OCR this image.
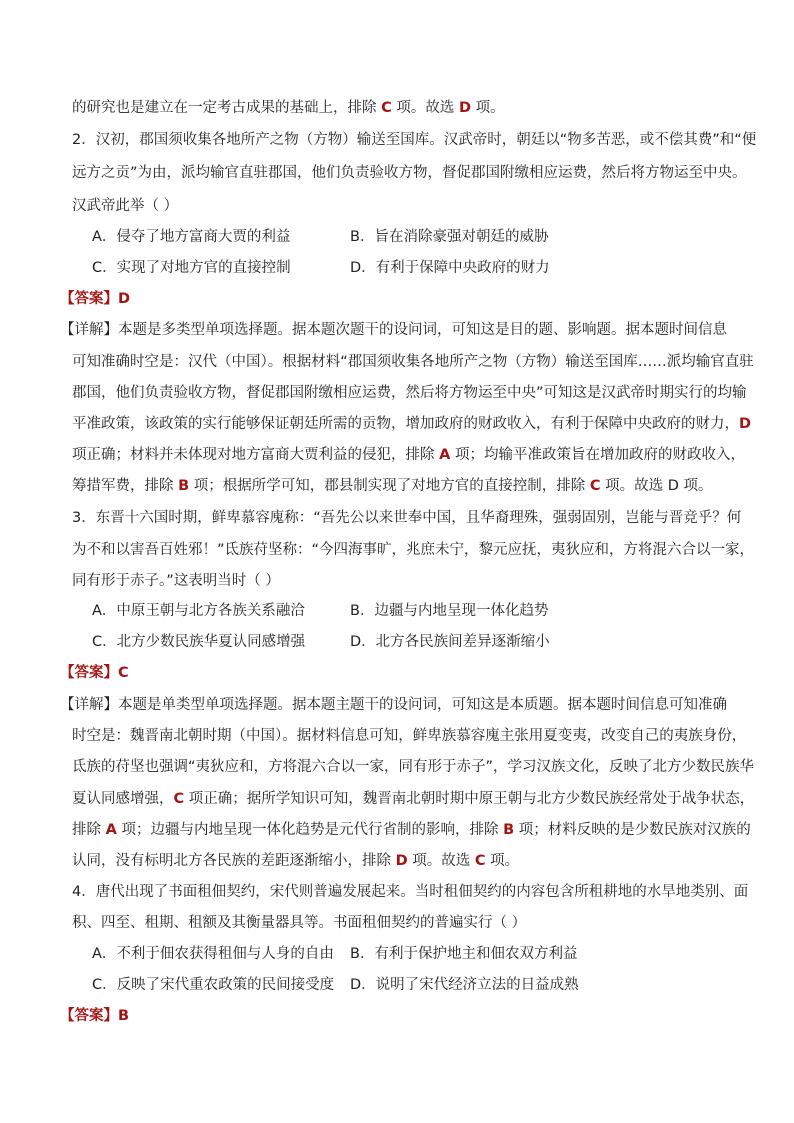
的研究也是建立在一定考古成果的基础上，排除 C 项。故选 D 项。
2．汉初，郡国须收集各地所产之物（方物）输送至国库。汉武帝时，朝廷以“物多苦恶，或不偿其费”和“便
远方之贡”为由，派均输官直驻郡国，他们负责验收方物，督促郡国附缴相应运费，然后将方物运至中央。
汉武帝此举（ ）
A．侵夺了地方富商大贾的利益	B．旨在消除豪强对朝廷的威胁
C．实现了对地方官的直接控制	D．有利于保障中央政府的财力
【答案】D
【详解】本题是多类型单项选择题。据本题次题干的设问词，可知这是目的题、影响题。据本题时间信息
可知准确时空是：汉代（中国）。根据材料“郡国须收集各地所产之物（方物）输送至国库……派均输官直驻
郡国，他们负责验收方物，督促郡国附缴相应运费，然后将方物运至中央”可知这是汉武帝时期实行的均输
平准政策，该政策的实行能够保证朝廷所需的贡物，增加政府的财政收入，有利于保障中央政府的财力，D
项正确；材料并未体现对地方富商大贾利益的侵犯，排除 A 项；均输平准政策旨在增加政府的财政收入，
筹措军费，排除 B 项；根据所学可知，郡县制实现了对地方官的直接控制，排除 C 项。故选 D 项。
3．东晋十六国时期，鲜卑慕容廆称：“吾先公以来世奉中国，且华裔理殊，强弱固别，岂能与晋竞乎？何
为不和以害吾百姓邪！”氐族苻坚称：“今四海事旷，兆庶未宁，黎元应抚，夷狄应和，方将混六合以一家，
同有形于赤子。”这表明当时（ ）
A．中原王朝与北方各族关系融洽	B．边疆与内地呈现一体化趋势
C．北方少数民族华夏认同感增强	D．北方各民族间差异逐渐缩小
【答案】C
【详解】本题是单类型单项选择题。据本题主题干的设问词，可知这是本质题。据本题时间信息可知准确
时空是：魏晋南北朝时期（中国）。据材料信息可知，鲜卑族慕容廆主张用夏变夷，改变自己的夷族身份，
氐族的苻坚也强调“夷狄应和，方将混六合以一家，同有形于赤子”，学习汉族文化，反映了北方少数民族华
夏认同感增强，C 项正确；据所学知识可知，魏晋南北朝时期中原王朝与北方少数民族经常处于战争状态，
排除 A 项；边疆与内地呈现一体化趋势是元代行省制的影响，排除 B 项；材料反映的是少数民族对汉族的
认同，没有标明北方各民族的差距逐渐缩小，排除 D 项。故选 C 项。
4．唐代出现了书面租佃契约，宋代则普遍发展起来。当时租佃契约的内容包含所租耕地的水旱地类别、面
积、四至、租期、租额及其衡量器具等。书面租佃契约的普遍实行（ ）
A．不利于佃农获得租佃与人身的自由 B．有利于保护地主和佃农双方利益
C．反映了宋代重农政策的民间接受度 D．说明了宋代经济立法的日益成熟
【答案】B
